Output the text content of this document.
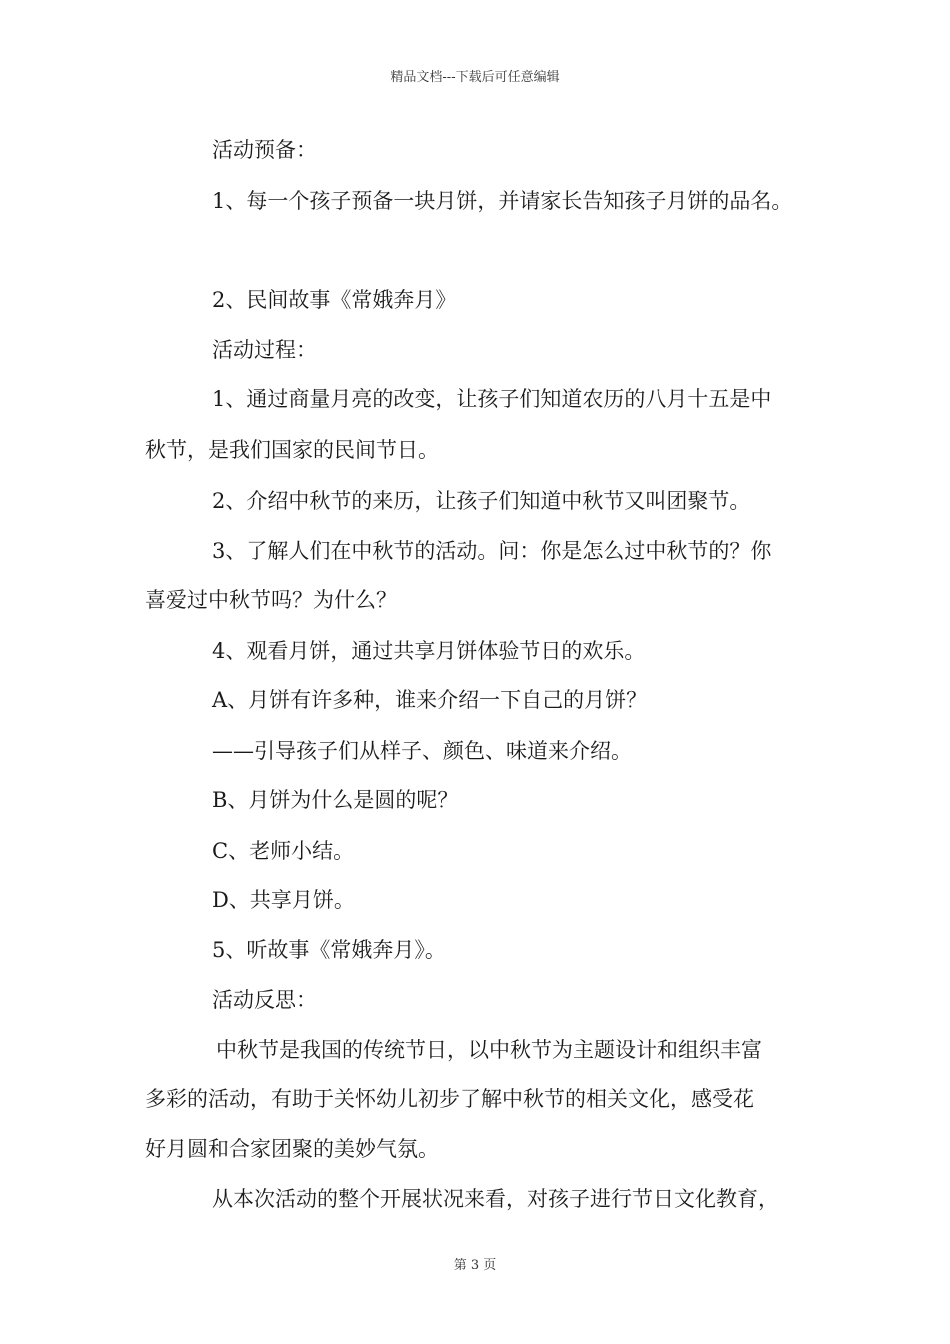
精品文档---下载后可任意编辑
活动预备：
1、每一个孩子预备一块月饼，并请家长告知孩子月饼的品名。
2、民间故事《常娥奔月》
活动过程：
1、通过商量月亮的改变，让孩子们知道农历的八月十五是中
秋节，是我们国家的民间节日。
2、介绍中秋节的来历，让孩子们知道中秋节又叫团聚节。
3、了解人们在中秋节的活动。问：你是怎么过中秋节的？你
喜爱过中秋节吗？为什么？
4、观看月饼，通过共享月饼体验节日的欢乐。
A、月饼有许多种，谁来介绍一下自己的月饼？
——引导孩子们从样子、颜色、味道来介绍。
B、月饼为什么是圆的呢？
C、老师小结。
D、共享月饼。
5、听故事《常娥奔月》。
活动反思：
中秋节是我国的传统节日，以中秋节为主题设计和组织丰富
多彩的活动，有助于关怀幼儿初步了解中秋节的相关文化，感受花
好月圆和合家团聚的美妙气氛。
从本次活动的整个开展状况来看，对孩子进行节日文化教育，
第 3 页
